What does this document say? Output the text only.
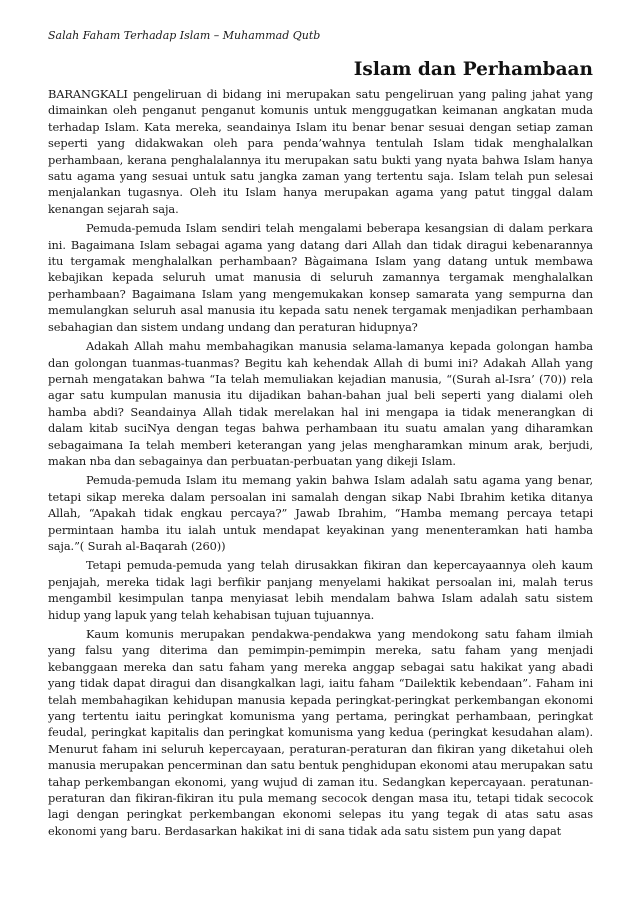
Salah Faham Terhadap Islam – Muhammad Qutb

Islam dan Perhambaan

BARANGKALI pengeliruan di bidang ini merupakan satu pengeliruan yang paling jahat yang dimainkan oleh penganut penganut komunis untuk menggugatkan keimanan angkatan muda terhadap Islam. Kata mereka, seandainya Islam itu benar benar sesuai dengan setiap zaman seperti yang didakwakan oleh para penda’wahnya tentulah Islam tidak menghalalkan perhambaan, kerana penghalalannya itu merupakan satu bukti yang nyata bahwa Islam hanya satu agama yang sesuai untuk satu jangka zaman yang tertentu saja. Islam telah pun selesai menjalankan tugasnya. Oleh itu Islam hanya merupakan agama yang patut tinggal dalam kenangan sejarah saja.

Pemuda-pemuda Islam sendiri telah mengalami beberapa kesangsian di dalam perkara ini. Bagaimana Islam sebagai agama yang datang dari Allah dan tidak diragui kebenarannya itu tergamak menghalalkan perhambaan? Bàgaimana Islam yang datang untuk membawa kebajikan kepada seluruh umat manusia di seluruh zamannya tergamak menghalalkan perhambaan? Bagaimana Islam yang mengemukakan konsep samarata yang sempurna dan memulangkan seluruh asal manusia itu kepada satu nenek tergamak menjadikan perhambaan sebahagian dan sistem undang undang dan peraturan hidupnya?

Adakah Allah mahu membahagikan manusia selama-lamanya kepada golongan hamba dan golongan tuanmas-tuanmas? Begitu kah kehendak Allah di bumi ini? Adakah Allah yang pernah mengatakan bahwa “Ia telah memuliakan kejadian manusia, “(Surah al-Isra’ (70)) rela agar satu kumpulan manusia itu dijadikan bahan-bahan jual beli seperti yang dialami oleh hamba abdi? Seandainya Allah tidak merelakan hal ini mengapa ia tidak menerangkan di dalam kitab suciNya dengan tegas bahwa perhambaan itu suatu amalan yang diharamkan sebagaimana Ia telah memberi keterangan yang jelas mengharamkan minum arak, berjudi, makan nba dan sebagainya dan perbuatan-perbuatan yang dikeji Islam.

Pemuda-pemuda Islam itu memang yakin bahwa Islam adalah satu agama yang benar, tetapi sikap mereka dalam persoalan ini samalah dengan sikap Nabi Ibrahim ketika ditanya Allah, “Apakah tidak engkau percaya?” Jawab Ibrahim, “Hamba memang percaya tetapi permintaan hamba itu ialah untuk mendapat keyakinan yang menenteramkan hati hamba saja.”( Surah al-Baqarah (260))

Tetapi pemuda-pemuda yang telah dirusakkan fikiran dan kepercayaannya oleh kaum penjajah, mereka tidak lagi berfikir panjang menyelami hakikat persoalan ini, malah terus mengambil kesimpulan tanpa menyiasat lebih mendalam bahwa Islam adalah satu sistem hidup yang lapuk yang telah kehabisan tujuan tujuannya.

Kaum komunis merupakan pendakwa-pendakwa yang mendokong satu faham ilmiah yang falsu yang diterima dan pemimpin-pemimpin mereka, satu faham yang menjadi kebanggaan mereka dan satu faham yang mereka anggap sebagai satu hakikat yang abadi yang tidak dapat diragui dan disangkalkan lagi, iaitu faham “Dailektik kebendaan”. Faham ini telah membahagikan kehidupan manusia kepada peringkat-peringkat perkembangan ekonomi yang tertentu iaitu peringkat komunisma yang pertama, peringkat perhambaan, peringkat feudal, peringkat kapitalis dan peringkat komunisma yang kedua (peringkat kesudahan alam). Menurut faham ini seluruh kepercayaan, peraturan-peraturan dan fikiran yang diketahui oleh manusia merupakan pencerminan dan satu bentuk penghidupan ekonomi atau merupakan satu tahap perkembangan ekonomi, yang wujud di zaman itu. Sedangkan kepercayaan. peratunan-peraturan dan fikiran-fikiran itu pula memang secocok dengan masa itu, tetapi tidak secocok lagi dengan peringkat perkembangan ekonomi selepas itu yang tegak di atas satu asas ekonomi yang baru. Berdasarkan hakikat ini di sana tidak ada satu sistem pun yang dapat
